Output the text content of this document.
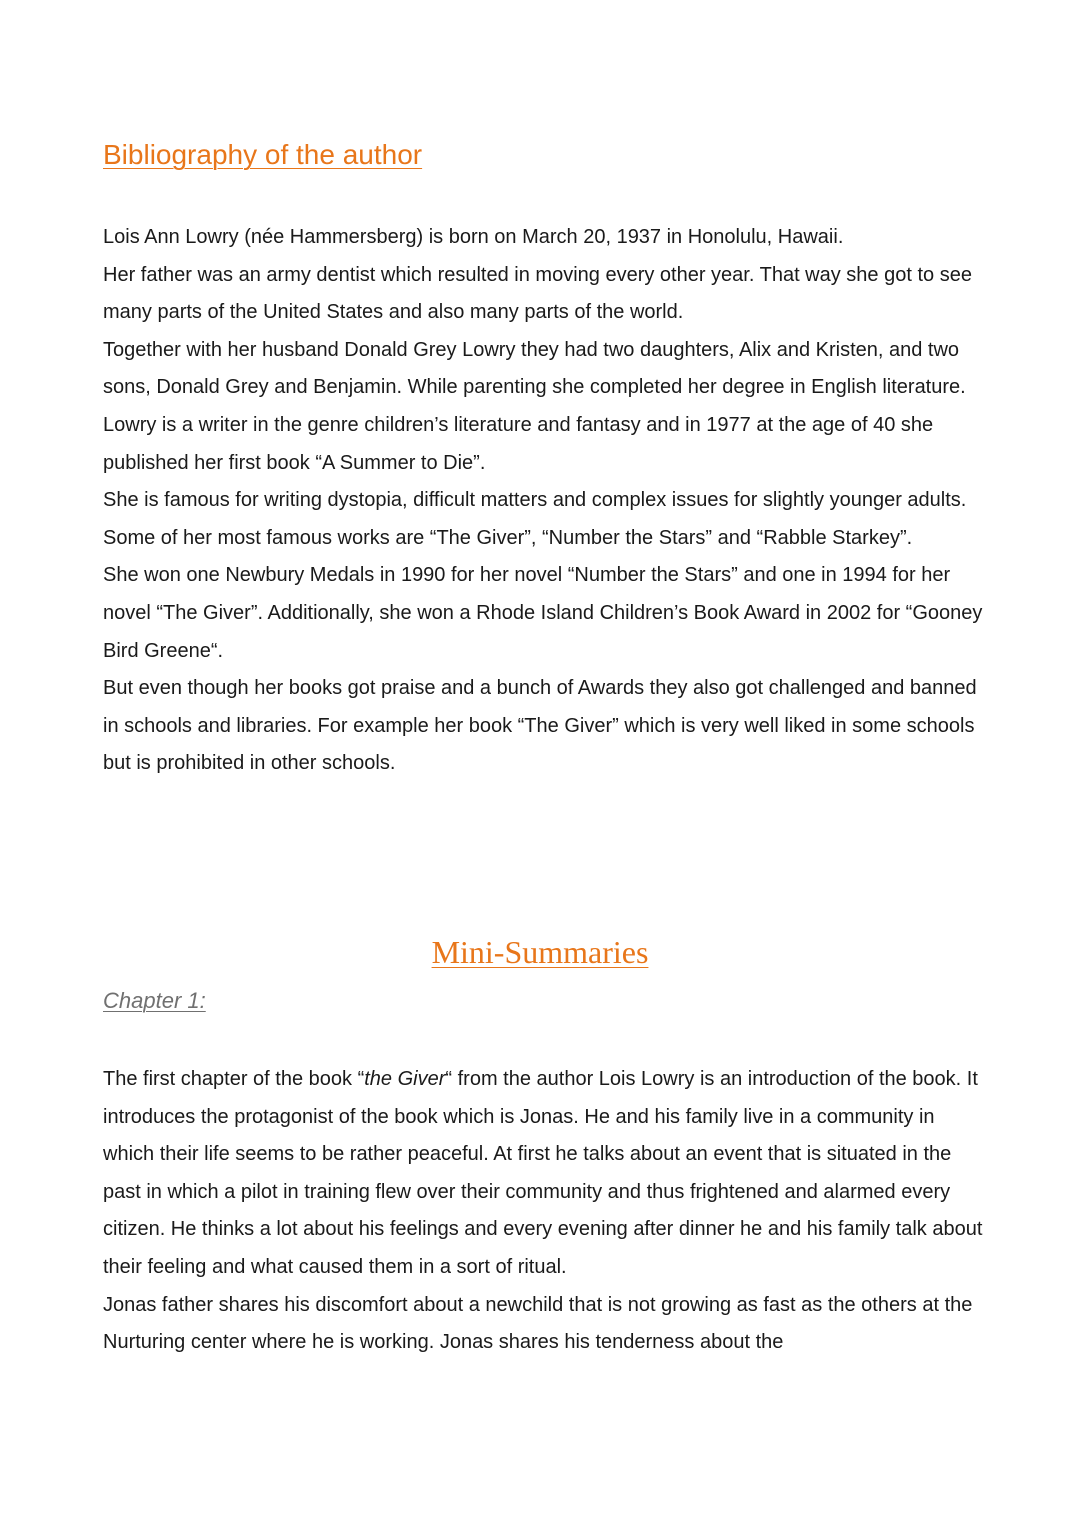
Bibliography of the author

Lois Ann Lowry (née Hammersberg) is born on March 20, 1937 in Honolulu, Hawaii.

Her father was an army dentist which resulted in moving every other year. That way she got to see many parts of the United States and also many parts of the world.

Together with her husband Donald Grey Lowry they had two daughters, Alix and Kristen, and two sons, Donald Grey and Benjamin. While parenting she completed her degree in English literature.

Lowry is a writer in the genre children’s literature and fantasy and in 1977 at the age of 40 she published her first book “A Summer to Die”.

She is famous for writing dystopia, difficult matters and complex issues for slightly younger adults. Some of her most famous works are “The Giver”, “Number the Stars” and “Rabble Starkey”.

She won one Newbury Medals in 1990 for her novel “Number the Stars” and one in 1994 for her novel “The Giver”. Additionally, she won a Rhode Island Children’s Book Award in 2002 for “Gooney Bird Greene“.

But even though her books got praise and a bunch of Awards they also got challenged and banned in schools and libraries. For example her book “The Giver” which is very well liked in some schools but is prohibited in other schools.

Mini-Summaries
Chapter 1:

The first chapter of the book “the Giver“ from the author Lois Lowry is an introduction of the book. It introduces the protagonist of the book which is Jonas. He and his family live in a community in which their life seems to be rather peaceful. At first he talks about an event that is situated in the past in which a pilot in training flew over their community and thus frightened and alarmed every citizen. He thinks a lot about his feelings and every evening after dinner he and his family talk about their feeling and what caused them in a sort of ritual.

Jonas father shares his discomfort about a newchild that is not growing as fast as the others at the Nurturing center where he is working. Jonas shares his tenderness about the
